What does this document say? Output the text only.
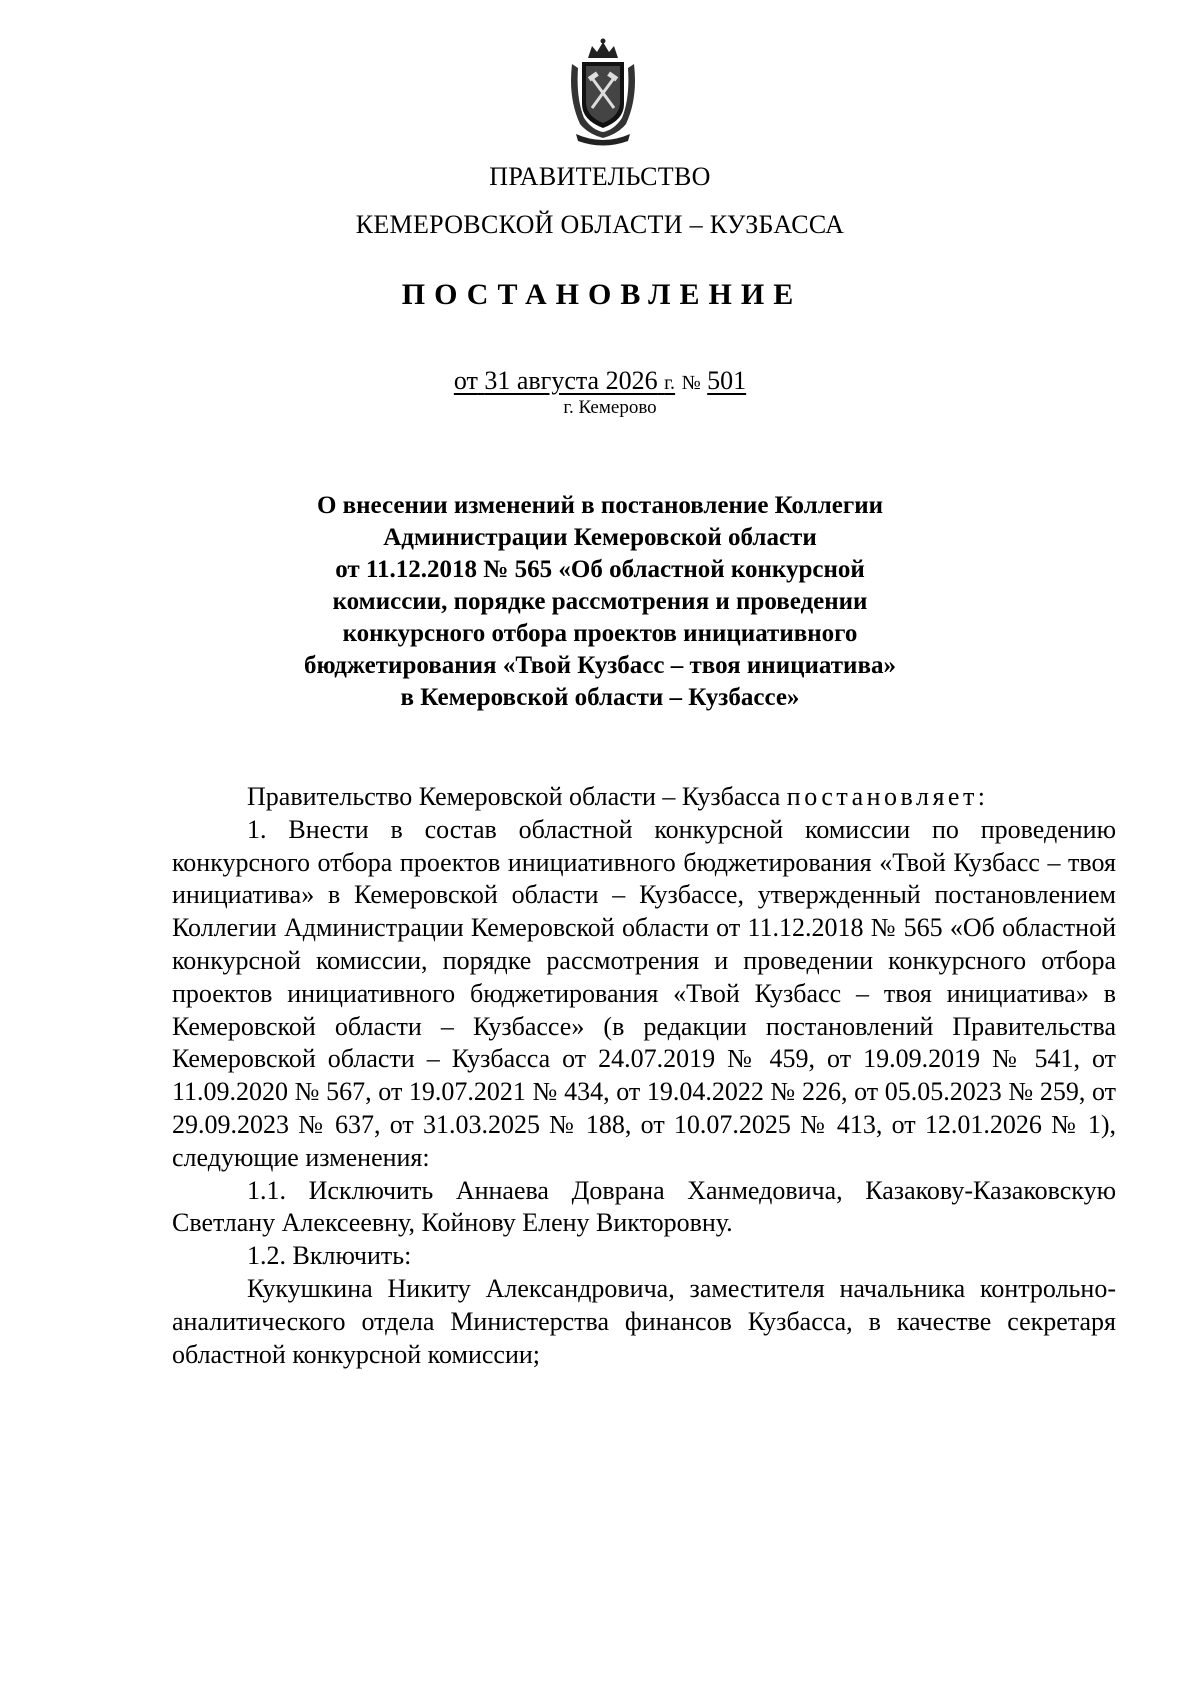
ПРАВИТЕЛЬСТВО
КЕМЕРОВСКОЙ ОБЛАСТИ – КУЗБАССА
ПОСТАНОВЛЕНИЕ
от 31 августа 2026 г. № 501
г. Кемерово
О внесении изменений в постановление Коллегии
Администрации Кемеровской области
от 11.12.2018 № 565 «Об областной конкурсной
комиссии, порядке рассмотрения и проведении
конкурсного отбора проектов инициативного
бюджетирования «Твой Кузбасс – твоя инициатива»
в Кемеровской области – Кузбассе»

Правительство Кемеровской области – Кузбасса постановляет:

1. Внести в состав областной конкурсной комиссии по проведению конкурсного отбора проектов инициативного бюджетирования «Твой Кузбасс – твоя инициатива» в Кемеровской области – Кузбассе, утвержденный постановлением Коллегии Администрации Кемеровской области от 11.12.2018 № 565 «Об областной конкурсной комиссии, порядке рассмотрения и проведении конкурсного отбора проектов инициативного бюджетирования «Твой Кузбасс – твоя инициатива» в Кемеровской области – Кузбассе» (в редакции постановлений Правительства Кемеровской области – Кузбасса от 24.07.2019 № 459, от 19.09.2019 № 541, от 11.09.2020 № 567, от 19.07.2021 № 434, от 19.04.2022 № 226, от 05.05.2023 № 259, от 29.09.2023 № 637, от 31.03.2025 № 188, от 10.07.2025 № 413, от 12.01.2026 № 1), следующие изменения:

1.1. Исключить Аннаева Доврана Ханмедовича, Казакову-Казаковскую Светлану Алексеевну, Койнову Елену Викторовну.

1.2. Включить:

Кукушкина Никиту Александровича, заместителя начальника контрольно-аналитического отдела Министерства финансов Кузбасса, в качестве секретаря областной конкурсной комиссии;
